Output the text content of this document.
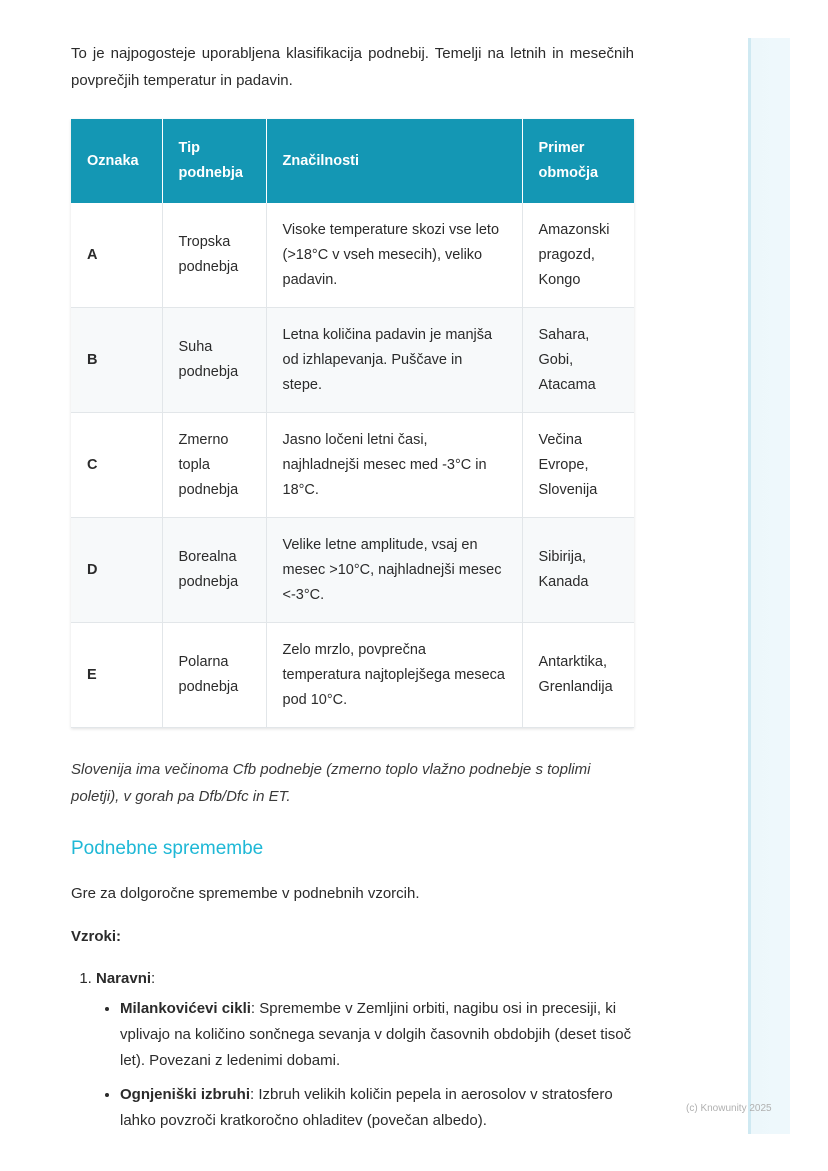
To je najpogosteje uporabljena klasifikacija podnebij. Temelji na letnih in mesečnih povprečjih temperatur in padavin.

Oznaka	Tip podnebja	Značilnosti	Primer območja
A	Tropska podnebja	Visoke temperature skozi vse leto (>18°C v vseh mesecih), veliko padavin.	Amazonski pragozd, Kongo
B	Suha podnebja	Letna količina padavin je manjša od izhlapevanja. Puščave in stepe.	Sahara, Gobi, Atacama
C	Zmerno topla podnebja	Jasno ločeni letni časi, najhladnejši mesec med -3°C in 18°C.	Večina Evrope, Slovenija
D	Borealna podnebja	Velike letne amplitude, vsaj en mesec >10°C, najhladnejši mesec <-3°C.	Sibirija, Kanada
E	Polarna podnebja	Zelo mrzlo, povprečna temperatura najtoplejšega meseca pod 10°C.	Antarktika, Grenlandija

Slovenija ima večinoma Cfb podnebje (zmerno toplo vlažno podnebje s toplimi poletji), v gorah pa Dfb/Dfc in ET.

Podnebne spremembe

Gre za dolgoročne spremembe v podnebnih vzorcih.

Vzroki:

1. Naravni:
• Milankovićevi cikli: Spremembe v Zemljini orbiti, nagibu osi in precesiji, ki vplivajo na količino sončnega sevanja v dolgih časovnih obdobjih (deset tisoč let). Povezani z ledenimi dobami.
• Ognjeniški izbruhi: Izbruh velikih količin pepela in aerosolov v stratosfero lahko povzroči kratkoročno ohladitev (povečan albedo).
(c) Knowunity 2025
